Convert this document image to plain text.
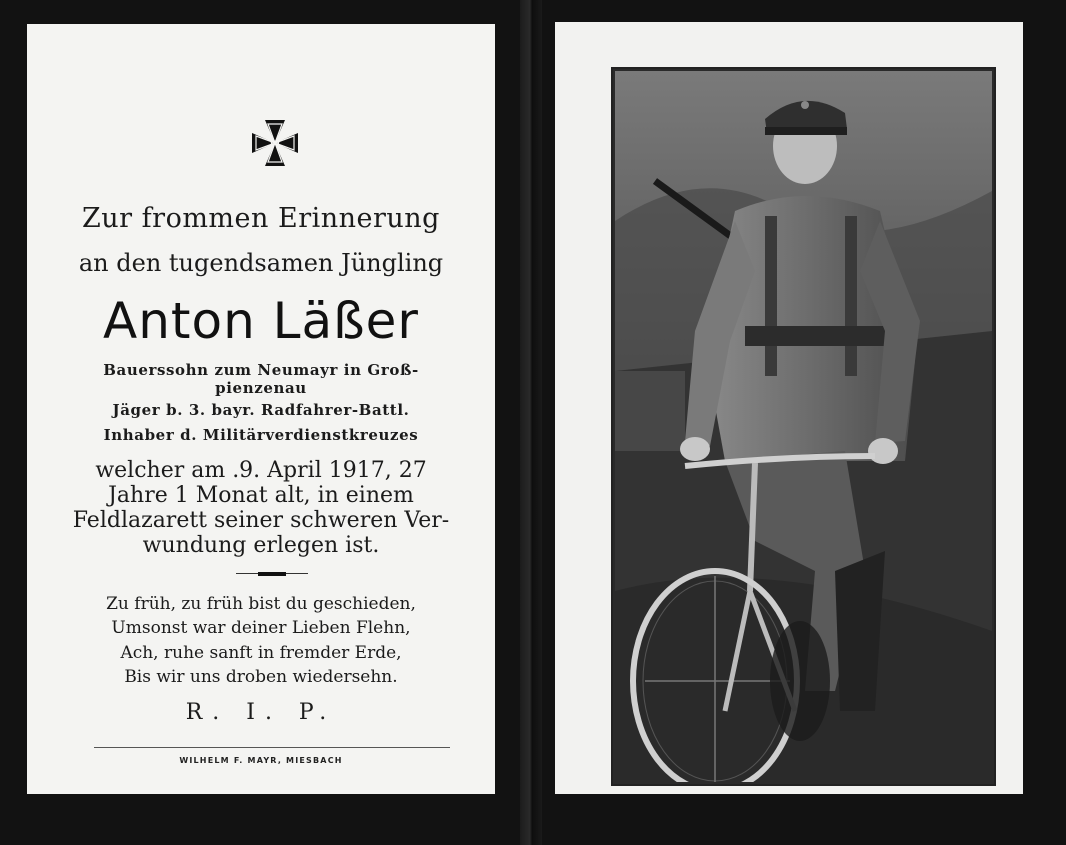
W
Zur frommen Erinnerung
an den tugendsamen Jüngling
Anton Läßer
Bauerssohn zum Neumayr in Groß-
pienzenau
Jäger b. 3. bayr. Radfahrer-Battl.
Inhaber d. Militärverdienstkreuzes
welcher am .9. April 1917, 27
Jahre 1 Monat alt, in einem
Feldlazarett seiner schweren Ver-
wundung erlegen ist.
Zu früh, zu früh bist du geschieden,
Umsonst war deiner Lieben Flehn,
Ach, ruhe sanft in fremder Erde,
Bis wir uns droben wiedersehn.
R. I. P.
WILHELM F. MAYR, MIESBACH
